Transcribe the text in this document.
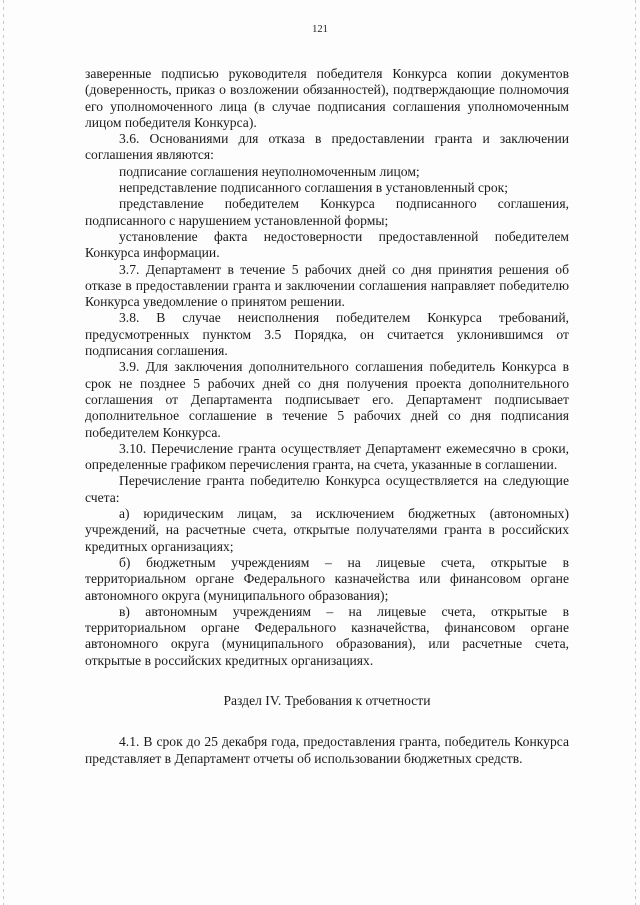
121

заверенные подписью руководителя победителя Конкурса копии документов (доверенность, приказ о возложении обязанностей), подтверждающие полномочия его уполномоченного лица (в случае подписания соглашения уполномоченным лицом победителя Конкурса).

3.6. Основаниями для отказа в предоставлении гранта и заключении соглашения являются:

подписание соглашения неуполномоченным лицом;

непредставление подписанного соглашения в установленный срок;

представление победителем Конкурса подписанного соглашения, подписанного с нарушением установленной формы;

установление факта недостоверности предоставленной победителем Конкурса информации.

3.7. Департамент в течение 5 рабочих дней со дня принятия решения об отказе в предоставлении гранта и заключении соглашения направляет победителю Конкурса уведомление о принятом решении.

3.8. В случае неисполнения победителем Конкурса требований, предусмотренных пунктом 3.5 Порядка, он считается уклонившимся от подписания соглашения.

3.9. Для заключения дополнительного соглашения победитель Конкурса в срок не позднее 5 рабочих дней со дня получения проекта дополнительного соглашения от Департамента подписывает его. Департамент подписывает дополнительное соглашение в течение 5 рабочих дней со дня подписания победителем Конкурса.

3.10. Перечисление гранта осуществляет Департамент ежемесячно в сроки, определенные графиком перечисления гранта, на счета, указанные в соглашении.

Перечисление гранта победителю Конкурса осуществляется на следующие счета:

а) юридическим лицам, за исключением бюджетных (автономных) учреждений, на расчетные счета, открытые получателями гранта в российских кредитных организациях;

б) бюджетным учреждениям – на лицевые счета, открытые в территориальном органе Федерального казначейства или финансовом органе автономного округа (муниципального образования);

в) автономным учреждениям – на лицевые счета, открытые в территориальном органе Федерального казначейства, финансовом органе автономного округа (муниципального образования), или расчетные счета, открытые в российских кредитных организациях.

Раздел IV. Требования к отчетности

4.1. В срок до 25 декабря года, предоставления гранта, победитель Конкурса представляет в Департамент отчеты об использовании бюджетных средств.
